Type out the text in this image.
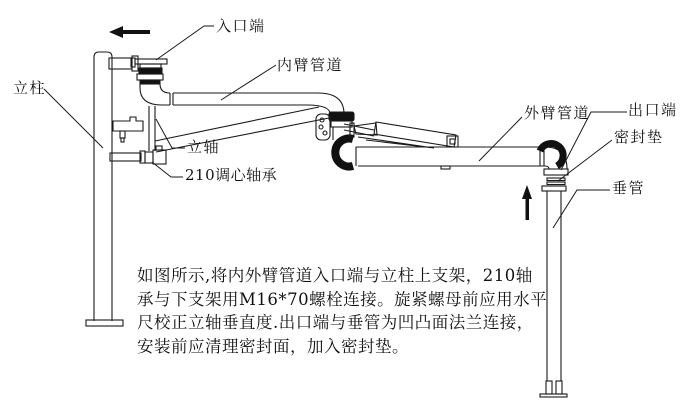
入口端
内臂管道
立柱
立轴
210调心轴承
外臂管道	出口端
密封垫
垂管
如图所示,将内外臂管道入口端与立柱上支架，210轴
承与下支架用M16*70螺栓连接。旋紧螺母前应用水平
尺校正立轴垂直度.出口端与垂管为凹凸面法兰连接，
安装前应清理密封面，加入密封垫。
